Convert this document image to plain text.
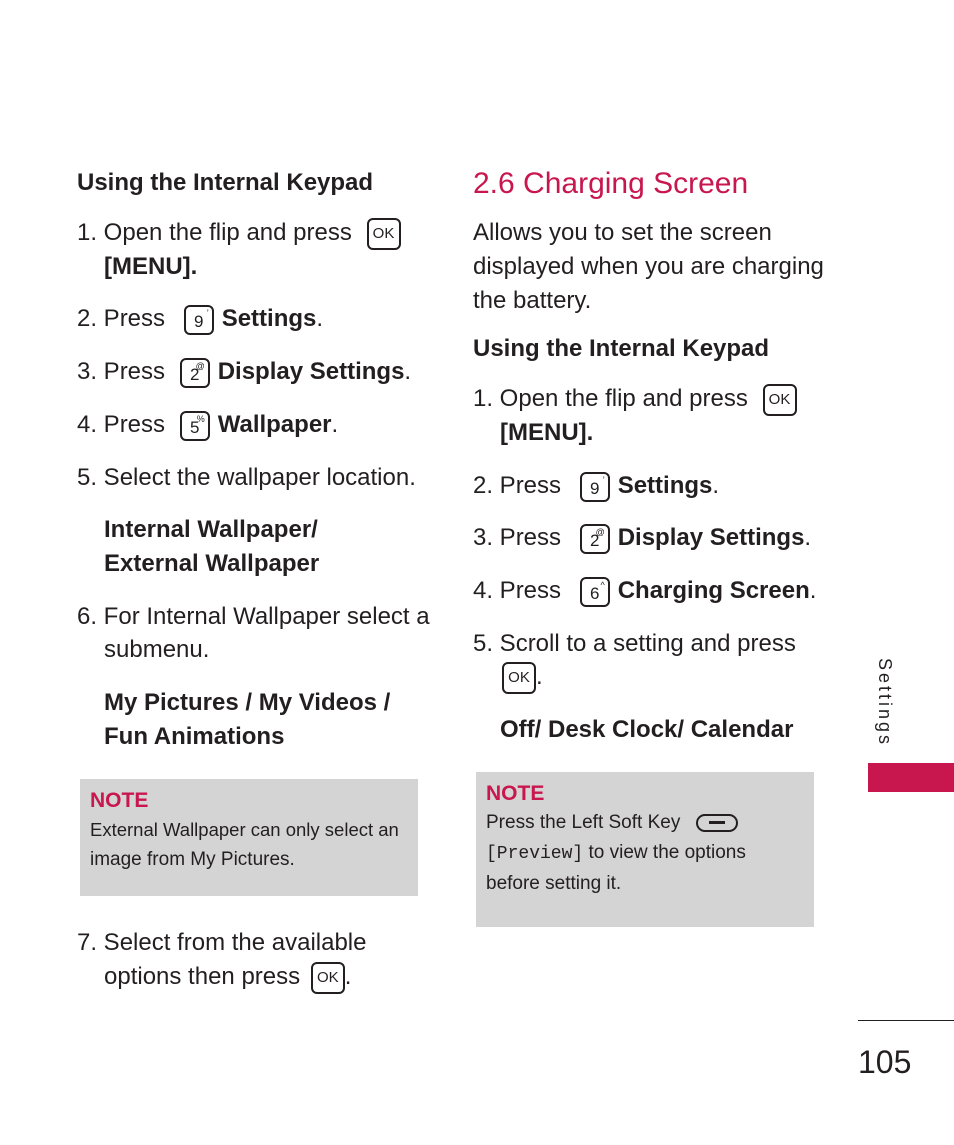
Using the Internal Keypad
1. Open the flip and press OK
[MENU].
2. Press 9 ’ Settings.
3. Press 2
@ Display Settings.
4. Press 5
% Wallpaper.
5. Select the wallpaper location.
Internal Wallpaper/
External Wallpaper
6. For Internal Wallpaper select a
submenu.
My Pictures / My Videos /
Fun Animations
NOTE
External Wallpaper can only select an
image from My Pictures.
7. Select from the available
options then press OK .
2.6 Charging Screen
Allows you to set the screen
displayed when you are charging
the battery.
Using the Internal Keypad
1. Open the flip and press OK
[MENU].
2. Press 9 ’ Settings.
3. Press 2
@ Display Settings.
4. Press 6 ^ Charging Screen.
5. Scroll to a setting and press
OK .
Off/ Desk Clock/ Calendar
NOTE
Press the Left Soft Key
[Preview] to view the options
before setting it.
Settings
105
